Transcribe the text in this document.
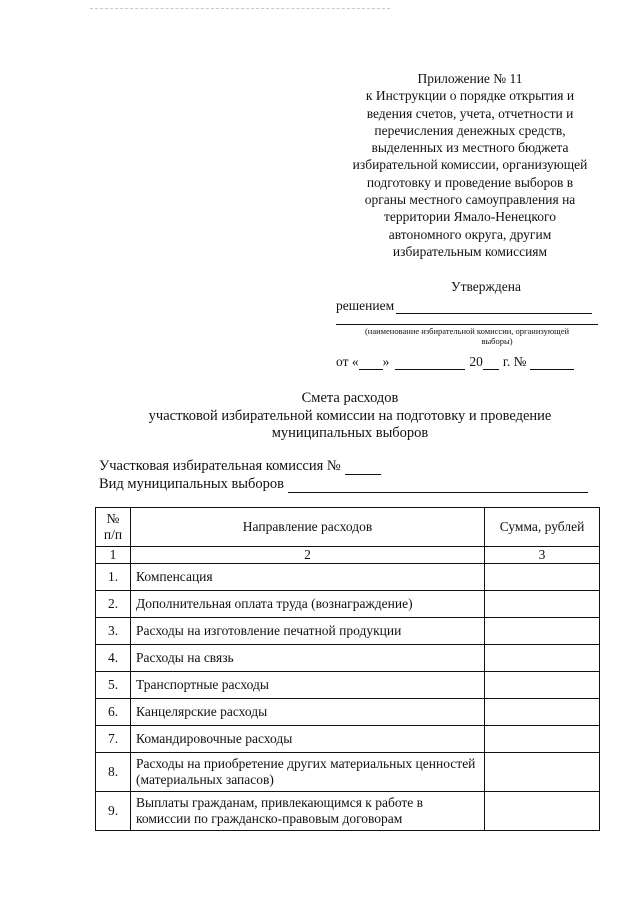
Приложение № 11
к Инструкции о порядке открытия и
ведения счетов, учета, отчетности и
перечисления денежных средств,
выделенных из местного бюджета
избирательной комиссии, организующей
подготовку и проведение выборов в
органы местного самоуправления на
территории Ямало-Ненецкого
автономного округа, другим
избирательным комиссиям
Утверждена
решением
(наименование избирательной комиссии, организующей
выборы)
от « »	20 г. №
Смета расходов
участковой избирательной комиссии на подготовку и проведение
муниципальных выборов
Участковая избирательная комиссия №
Вид муниципальных выборов
№
п/п	Направление расходов	Сумма, рублей
1	2	3
1.	Компенсация	
2.	Дополнительная оплата труда (вознаграждение)	
3.	Расходы на изготовление печатной продукции	
4.	Расходы на связь	
5.	Транспортные расходы	
6.	Канцелярские расходы	
7.	Командировочные расходы	
8.	Расходы на приобретение других материальных ценностей (материальных запасов)	
9.	Выплаты гражданам, привлекающимся к работе в комиссии по гражданско-правовым договорам	
